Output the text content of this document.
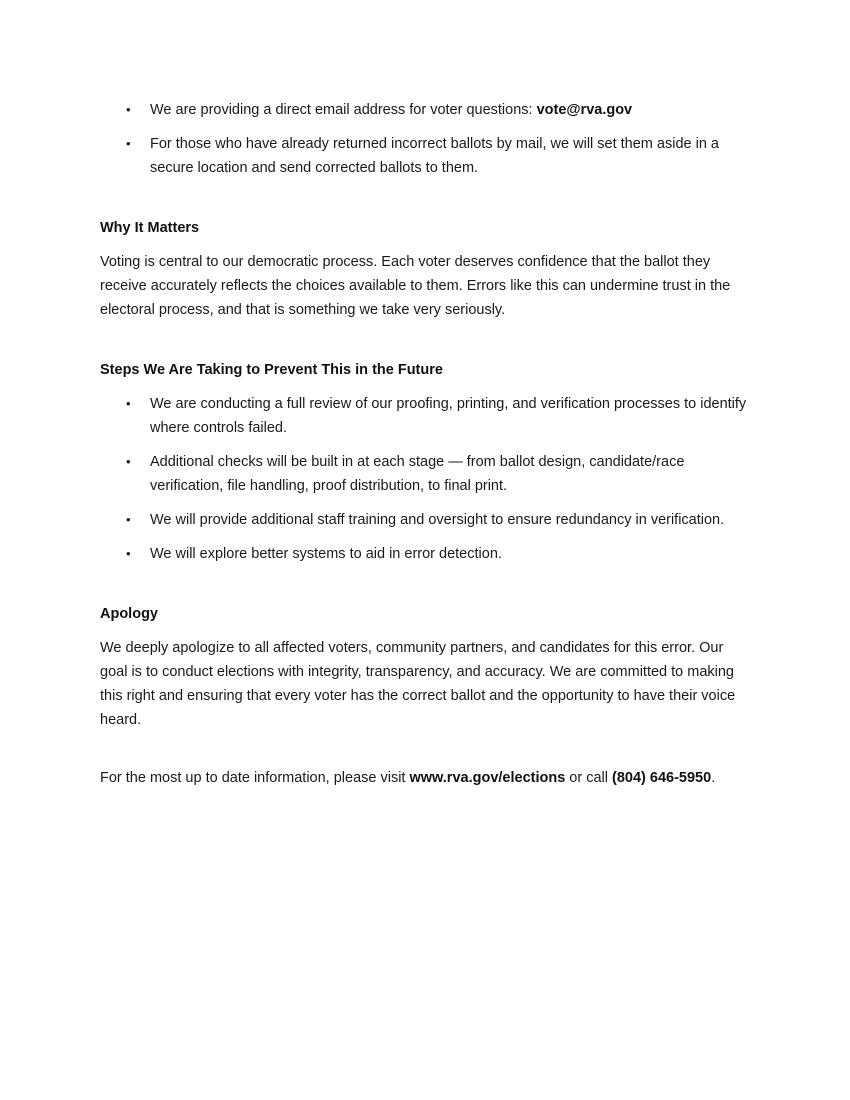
• We are providing a direct email address for voter questions: vote@rva.gov
• For those who have already returned incorrect ballots by mail, we will set them aside in a secure location and send corrected ballots to them.
Why It Matters

Voting is central to our democratic process. Each voter deserves confidence that the ballot they receive accurately reflects the choices available to them. Errors like this can undermine trust in the electoral process, and that is something we take very seriously.

Steps We Are Taking to Prevent This in the Future
• We are conducting a full review of our proofing, printing, and verification processes to identify where controls failed.
• Additional checks will be built in at each stage — from ballot design, candidate/race verification, file handling, proof distribution, to final print.
• We will provide additional staff training and oversight to ensure redundancy in verification.
• We will explore better systems to aid in error detection.
Apology

We deeply apologize to all affected voters, community partners, and candidates for this error. Our goal is to conduct elections with integrity, transparency, and accuracy. We are committed to making this right and ensuring that every voter has the correct ballot and the opportunity to have their voice heard.

For the most up to date information, please visit www.rva.gov/elections or call (804) 646-5950.
